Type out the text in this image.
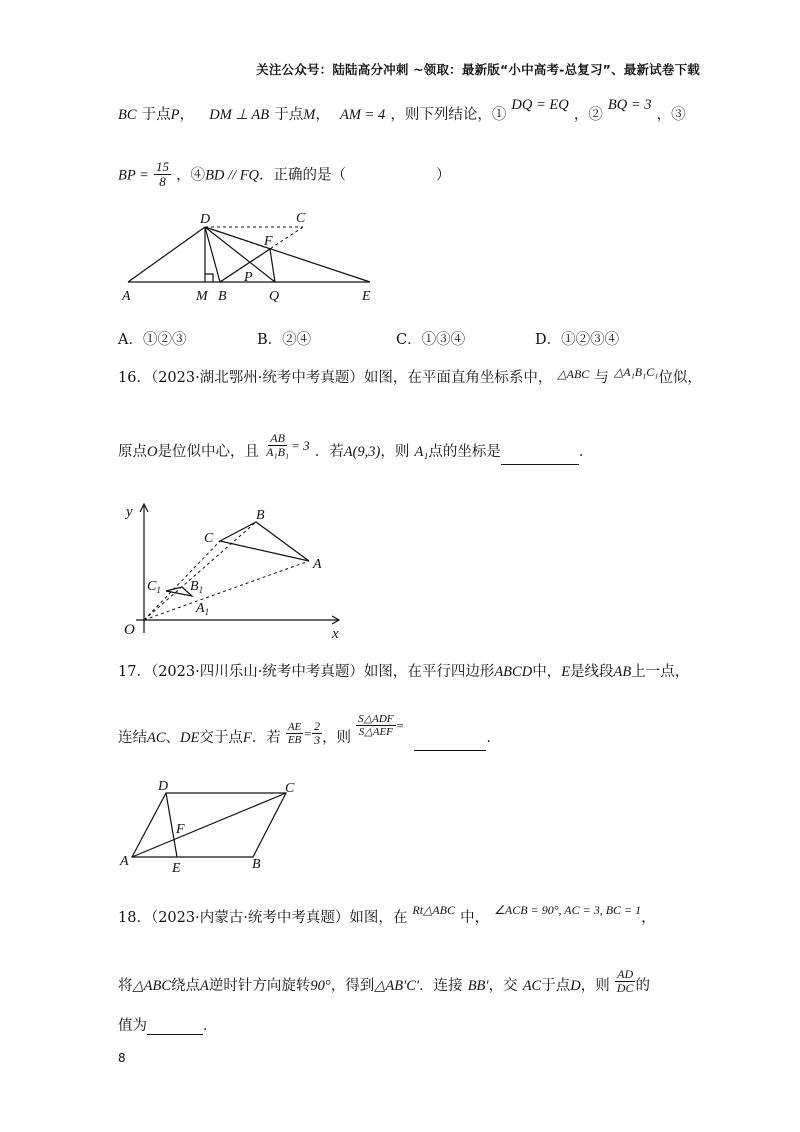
关注公众号：陆陆高分冲刺 ~领取：最新版“小中高考-总复习”、最新试卷下载
BC 于点P， DM ⊥ AB 于点M， AM = 4 ，则下列结论，① DQ = EQ ，② BQ = 3 ，③
BP = $\frac{15}{8}$ ，④BD // FQ．正确的是（	）
D	C
F
P
A	M B	Q	E
A．①②③	B．②④	C．①③④	D．①②③④
16．（2023·湖北鄂州·统考中考真题）如图，在平面直角坐标系中， $^{\triangle ABC}$ 与 $^{\triangle A_1B_1C_1}$位似，
原点O是位似中心，且 $\frac{AB}{\text{A₁B₁}} ^{= 3}$ ．若A(9,3)，则 A₁点的坐标是	．
y
x
O
B
C
A
$C_1$ $B_1$
$A_1$
17．（2023·四川乐山·统考中考真题）如图，在平行四边形ABCD中，E是线段AB上一点，
连结AC、DE交于点F．若 $\frac{AE}{EB} ^= \frac{2}{3}$ ，则 $\frac{\text{S△ADF}}{\text{S△AEF}} ^=$  ．
D	C
F
A	E	B
18．（2023·内蒙古·统考中考真题）如图，在 $^{Rt\triangle ABC}$ 中， $^{\angle ACB = 90^\circ, AC = 3, BC = 1}$，
将△ABC绕点A逆时针方向旋转90°，得到△AB′C′．连接 BB′，交 AC于点D，则 $\frac{AD}{DC}$ 的
值为	．
8
